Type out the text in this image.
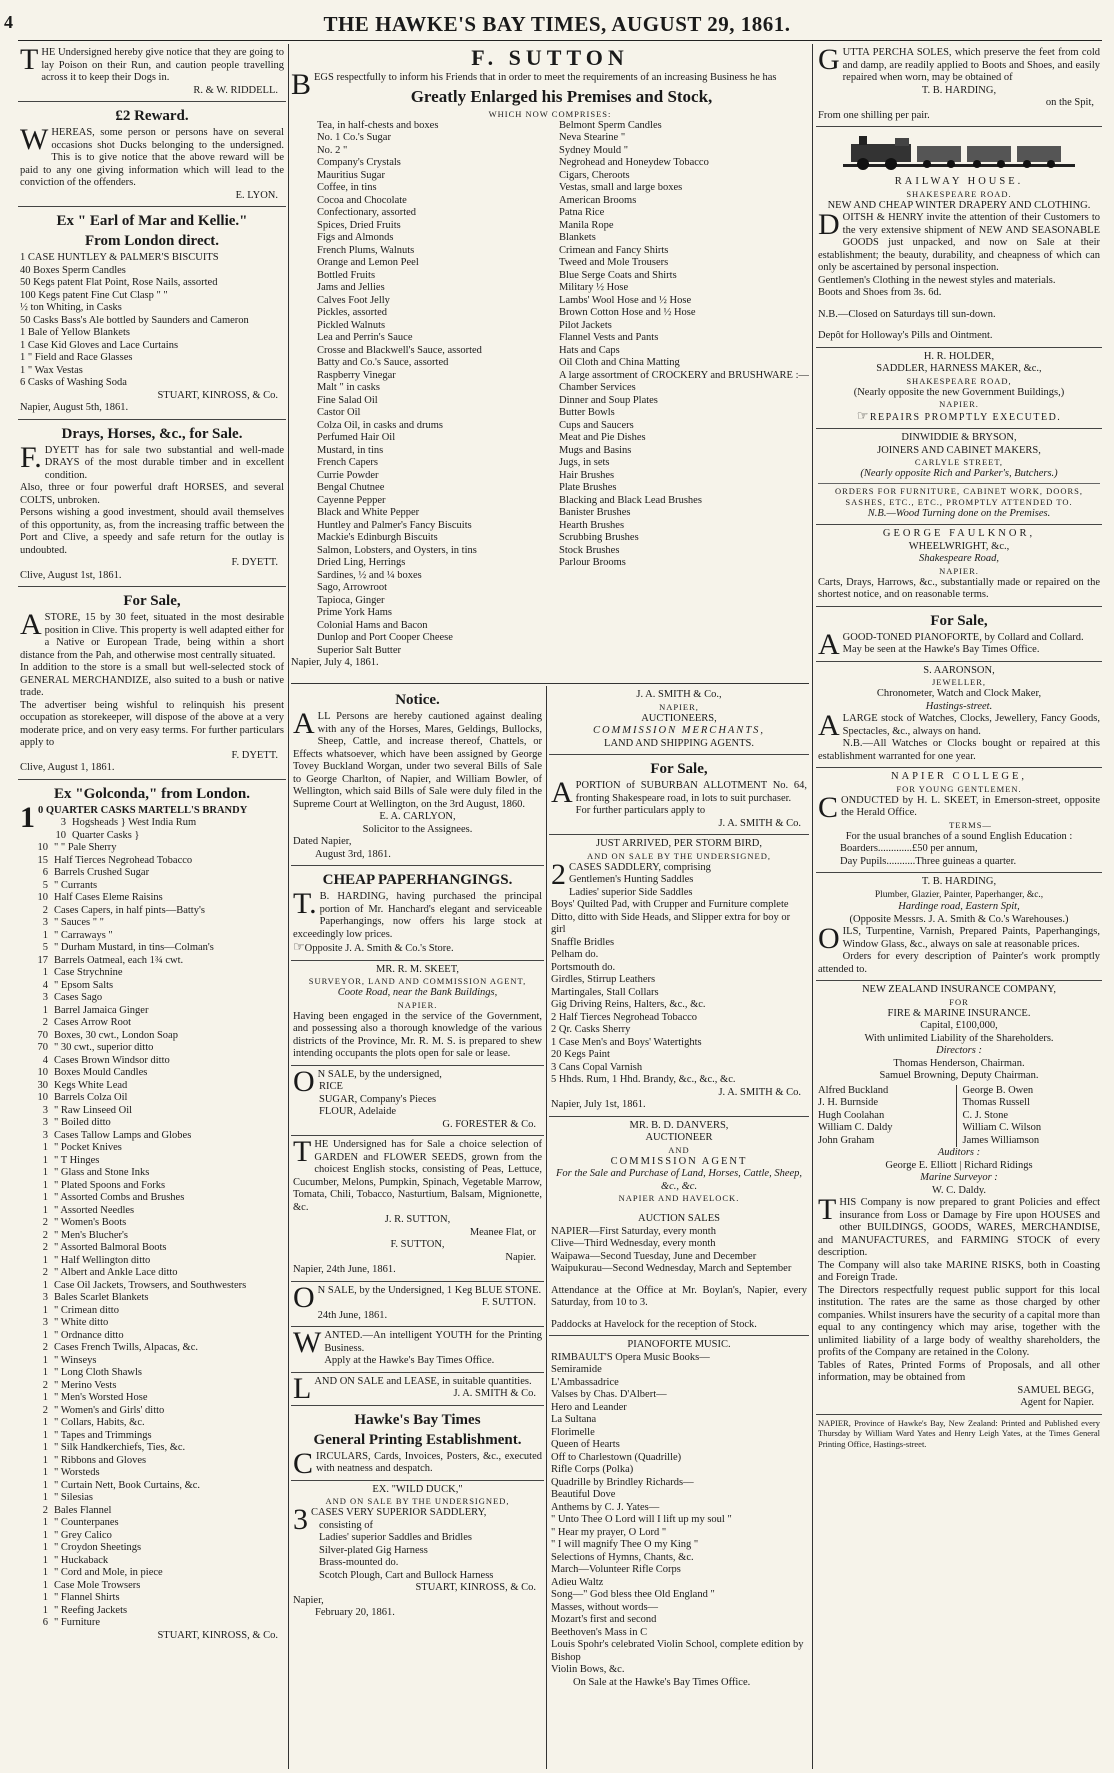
4	THE HAWKE'S BAY TIMES, AUGUST 29, 1861.

THE Undersigned hereby give notice that they are going to lay Poison on their Run, and caution people travelling across it to keep their Dogs in.

R. & W. RIDDELL.
£2 Reward.

WHEREAS, some person or persons have on several occasions shot Ducks belonging to the undersigned. This is to give notice that the above reward will be paid to any one giving information which will lead to the conviction of the offenders.

E. LYON.
Ex " Earl of Mar and Kellie."
From London direct.
1 CASE HUNTLEY & PALMER'S BISCUITS
40 Boxes Sperm Candles
50 Kegs patent Flat Point, Rose Nails, assorted
100 Kegs patent Fine Cut Clasp " "
½ ton Whiting, in Casks
50 Casks Bass's Ale bottled by Saunders and Cameron
1 Bale of Yellow Blankets
1 Case Kid Gloves and Lace Curtains
1 " Field and Race Glasses
1 " Wax Vestas
6 Casks of Washing Soda
STUART, KINROSS, & Co.
Napier, August 5th, 1861.
Drays, Horses, &c., for Sale.

F.DYETT has for sale two substantial and well-made DRAYS of the most durable timber and in excellent condition.

Also, three or four powerful draft HORSES, and several COLTS, unbroken.

Persons wishing a good investment, should avail themselves of this opportunity, as, from the increasing traffic between the Port and Clive, a speedy and safe return for the outlay is undoubted.

F. DYETT.
Clive, August 1st, 1861.
For Sale,

ASTORE, 15 by 30 feet, situated in the most desirable position in Clive. This property is well adapted either for a Native or European Trade, being within a short distance from the Pah, and otherwise most centrally situated.

In addition to the store is a small but well-selected stock of GENERAL MERCHANDIZE, also suited to a bush or native trade.

The advertiser being wishful to relinquish his present occupation as storekeeper, will dispose of the above at a very moderate price, and on very easy terms. For further particulars apply to

F. DYETT.
Clive, August 1, 1861.
Ex "Golconda," from London.
10 QUARTER CASKS MARTELL'S BRANDY
3 Hogsheads } West India Rum
10 Quarter Casks }
10 " " Pale Sherry
15 Half Tierces Negrohead Tobacco
6 Barrels Crushed Sugar
5 " Currants
10 Half Cases Eleme Raisins
2 Cases Capers, in half pints—Batty's
3 " Sauces " "
1 " Carraways "
5 " Durham Mustard, in tins—Colman's
17 Barrels Oatmeal, each 1¾ cwt.
1 Case Strychnine
4 " Epsom Salts
3 Cases Sago
1 Barrel Jamaica Ginger
2 Cases Arrow Root
70 Boxes, 30 cwt., London Soap
70 " 30 cwt., superior ditto
4 Cases Brown Windsor ditto
10 Boxes Mould Candles
30 Kegs White Lead
10 Barrels Colza Oil
3 " Raw Linseed Oil
3 " Boiled ditto
3 Cases Tallow Lamps and Globes
1 " Pocket Knives
1 " T Hinges
1 " Glass and Stone Inks
1 " Plated Spoons and Forks
1 " Assorted Combs and Brushes
1 " Assorted Needles
2 " Women's Boots
2 " Men's Blucher's
2 " Assorted Balmoral Boots
1 " Half Wellington ditto
2 " Albert and Ankle Lace ditto
1 Case Oil Jackets, Trowsers, and Southwesters
3 Bales Scarlet Blankets
1 " Crimean ditto
3 " White ditto
1 " Ordnance ditto
2 Cases French Twills, Alpacas, &c.
1 " Winseys
1 " Long Cloth Shawls
2 " Merino Vests
1 " Men's Worsted Hose
2 " Women's and Girls' ditto
1 " Collars, Habits, &c.
1 " Tapes and Trimmings
1 " Silk Handkerchiefs, Ties, &c.
1 " Ribbons and Gloves
1 " Worsteds
1 " Curtain Nett, Book Curtains, &c.
1 " Silesias
2 Bales Flannel
1 " Counterpanes
1 " Grey Calico
1 " Croydon Sheetings
1 " Huckaback
1 " Cord and Mole, in piece
1 Case Mole Trowsers
1 " Flannel Shirts
1 " Reefing Jackets
6 " Furniture
STUART, KINROSS, & Co.
F. SUTTON

BEGS respectfully to inform his Friends that in order to meet the requirements of an increasing Business he has

Greatly Enlarged his Premises and Stock,
WHICH NOW COMPRISES:
Tea, in half-chests and boxes
No. 1 Co.'s Sugar
No. 2 "
Company's Crystals
Mauritius Sugar
Coffee, in tins
Cocoa and Chocolate
Confectionary, assorted
Spices, Dried Fruits
Figs and Almonds
French Plums, Walnuts
Orange and Lemon Peel
Bottled Fruits
Jams and Jellies
Calves Foot Jelly
Pickles, assorted
Pickled Walnuts
Lea and Perrin's Sauce
Crosse and Blackwell's Sauce, assorted
Batty and Co.'s Sauce, assorted
Raspberry Vinegar
Malt " in casks
Fine Salad Oil
Castor Oil
Colza Oil, in casks and drums
Perfumed Hair Oil
Mustard, in tins
French Capers
Currie Powder
Bengal Chutnee
Cayenne Pepper
Black and White Pepper
Huntley and Palmer's Fancy Biscuits
Mackie's Edinburgh Biscuits
Salmon, Lobsters, and Oysters, in tins
Dried Ling, Herrings
Sardines, ½ and ¼ boxes
Sago, Arrowroot
Tapioca, Ginger
Prime York Hams
Colonial Hams and Bacon
Dunlop and Port Cooper Cheese
Superior Salt Butter
Belmont Sperm Candles
Neva Stearine "
Sydney Mould "
Negrohead and Honeydew Tobacco
Cigars, Cheroots
Vestas, small and large boxes
American Brooms
Patna Rice
Manila Rope
Blankets
Crimean and Fancy Shirts
Tweed and Mole Trousers
Blue Serge Coats and Shirts
Military ½ Hose
Lambs' Wool Hose and ½ Hose
Brown Cotton Hose and ½ Hose
Pilot Jackets
Flannel Vests and Pants
Hats and Caps
Oil Cloth and China Matting
A large assortment of CROCKERY and BRUSHWARE :—
Chamber Services
Dinner and Soup Plates
Butter Bowls
Cups and Saucers
Meat and Pie Dishes
Mugs and Basins
Jugs, in sets
Hair Brushes
Plate Brushes
Blacking and Black Lead Brushes
Banister Brushes
Hearth Brushes
Scrubbing Brushes
Stock Brushes
Parlour Brooms
Napier, July 4, 1861.
Notice.

ALL Persons are hereby cautioned against dealing with any of the Horses, Mares, Geldings, Bullocks, Sheep, Cattle, and increase thereof, Chattels, or Effects whatsoever, which have been assigned by George Tovey Buckland Worgan, under two several Bills of Sale to George Charlton, of Napier, and William Bowler, of Wellington, which said Bills of Sale were duly filed in the Supreme Court at Wellington, on the 3rd August, 1860.

E. A. CARLYON,
Solicitor to the Assignees.
Dated Napier,
August 3rd, 1861.
CHEAP PAPERHANGINGS.

T.B. HARDING, having purchased the principal portion of Mr. Hanchard's elegant and serviceable Paperhangings, now offers his large stock at exceedingly low prices.

☞ Opposite J. A. Smith & Co.'s Store.
MR. R. M. SKEET,
SURVEYOR, LAND AND COMMISSION AGENT,
Coote Road, near the Bank Buildings,
NAPIER.

Having been engaged in the service of the Government, and possessing also a thorough knowledge of the various districts of the Province, Mr. R. M. S. is prepared to shew intending occupants the plots open for sale or lease.

ON SALE, by the undersigned,
RICE
SUGAR, Company's Pieces
FLOUR, Adelaide
G. FORESTER & Co.

THE Undersigned has for Sale a choice selection of GARDEN and FLOWER SEEDS, grown from the choicest English stocks, consisting of Peas, Lettuce, Cucumber, Melons, Pumpkin, Spinach, Vegetable Marrow, Tomata, Chili, Tobacco, Nasturtium, Balsam, Mignionette, &c.

J. R. SUTTON,
Meanee Flat, or
F. SUTTON,
Napier.
Napier, 24th June, 1861.

ON SALE, by the Undersigned, 1 Keg BLUE STONE.

F. SUTTON.
24th June, 1861.

WANTED.—An intelligent YOUTH for the Printing Business.

Apply at the Hawke's Bay Times Office.

LAND ON SALE and LEASE, in suitable quantities.

J. A. SMITH & Co.
Hawke's Bay Times
General Printing Establishment.

CIRCULARS, Cards, Invoices, Posters, &c., executed with neatness and despatch.

EX. "WILD DUCK,"
AND ON SALE BY THE UNDERSIGNED,
3CASES VERY SUPERIOR SADDLERY,
consisting of
Ladies' superior Saddles and Bridles
Silver-plated Gig Harness
Brass-mounted do.
Scotch Plough, Cart and Bullock Harness
STUART, KINROSS, & Co.
Napier,
February 20, 1861.
J. A. SMITH & Co.,
NAPIER,
AUCTIONEERS,
COMMISSION MERCHANTS,
LAND AND SHIPPING AGENTS.
For Sale,

APORTION of SUBURBAN ALLOTMENT No. 64, fronting Shakespeare road, in lots to suit purchaser.

For further particulars apply to
J. A. SMITH & Co.
JUST ARRIVED, PER STORM BIRD,
AND ON SALE BY THE UNDERSIGNED,
2CASES SADDLERY, comprising
Gentlemen's Hunting Saddles
Ladies' superior Side Saddles
Boys' Quilted Pad, with Crupper and Furniture complete
Ditto, ditto with Side Heads, and Slipper extra for boy or girl
Snaffle Bridles
Pelham do.
Portsmouth do.
Girdles, Stirrup Leathers
Martingales, Stall Collars
Gig Driving Reins, Halters, &c., &c.
2 Half Tierces Negrohead Tobacco
2 Qr. Casks Sherry
1 Case Men's and Boys' Watertights
20 Kegs Paint
3 Cans Copal Varnish
5 Hhds. Rum, 1 Hhd. Brandy, &c., &c., &c.
J. A. SMITH & Co.
Napier, July 1st, 1861.
MR. B. D. DANVERS,
AUCTIONEER
AND
COMMISSION AGENT
For the Sale and Purchase of Land, Horses, Cattle, Sheep, &c., &c.
NAPIER AND HAVELOCK.
AUCTION SALES
NAPIER—First Saturday, every month
Clive—Third Wednesday, every month
Waipawa—Second Tuesday, June and December
Waipukurau—Second Wednesday, March and September

Attendance at the Office at Mr. Boylan's, Napier, every Saturday, from 10 to 3.

Paddocks at Havelock for the reception of Stock.

PIANOFORTE MUSIC.
RIMBAULT'S Opera Music Books—
Semiramide
L'Ambassadrice
Valses by Chas. D'Albert—
Hero and Leander
La Sultana
Florimelle
Queen of Hearts
Off to Charlestown (Quadrille)
Rifle Corps (Polka)
Quadrille by Brindley Richards—
Beautiful Dove
Anthems by C. J. Yates—
" Unto Thee O Lord will I lift up my soul "
" Hear my prayer, O Lord "
" I will magnify Thee O my King "
Selections of Hymns, Chants, &c.
March—Volunteer Rifle Corps
Adieu Waltz
Song—" God bless thee Old England "
Masses, without words—
Mozart's first and second
Beethoven's Mass in C
Louis Spohr's celebrated Violin School, complete edition by Bishop
Violin Bows, &c.
On Sale at the Hawke's Bay Times Office.

GUTTA PERCHA SOLES, which preserve the feet from cold and damp, are readily applied to Boots and Shoes, and easily repaired when worn, may be obtained of

T. B. HARDING,
on the Spit,
From one shilling per pair.
RAILWAY HOUSE.
SHAKESPEARE ROAD.
NEW AND CHEAP WINTER DRAPERY AND CLOTHING.

DOITSH & HENRY invite the attention of their Customers to the very extensive shipment of NEW AND SEASONABLE GOODS just unpacked, and now on Sale at their establishment; the beauty, durability, and cheapness of which can only be ascertained by personal inspection.

Gentlemen's Clothing in the newest styles and materials.

Boots and Shoes from 3s. 6d.

N.B.—Closed on Saturdays till sun-down.
Depôt for Holloway's Pills and Ointment.
H. R. HOLDER,
SADDLER, HARNESS MAKER, &c.,
SHAKESPEARE ROAD,
(Nearly opposite the new Government Buildings,)
NAPIER.
☞ REPAIRS PROMPTLY EXECUTED.
DINWIDDIE & BRYSON,
JOINERS AND CABINET MAKERS,
CARLYLE STREET,
(Nearly opposite Rich and Parker's, Butchers.)
ORDERS FOR FURNITURE, CABINET WORK, DOORS, SASHES, ETC., ETC., PROMPTLY ATTENDED TO.
N.B.—Wood Turning done on the Premises.
GEORGE FAULKNOR,
WHEELWRIGHT, &c.,
Shakespeare Road,
NAPIER.

Carts, Drays, Harrows, &c., substantially made or repaired on the shortest notice, and on reasonable terms.

For Sale,

AGOOD-TONED PIANOFORTE, by Collard and Collard.

May be seen at the Hawke's Bay Times Office.
S. AARONSON,
JEWELLER,
Chronometer, Watch and Clock Maker,
Hastings-street.

ALARGE stock of Watches, Clocks, Jewellery, Fancy Goods, Spectacles, &c., always on hand.

N.B.—All Watches or Clocks bought or repaired at this establishment warranted for one year.

NAPIER COLLEGE,
FOR YOUNG GENTLEMEN.

CONDUCTED by H. L. SKEET, in Emerson-street, opposite the Herald Office.

TERMS—
For the usual branches of a sound English Education :
Boarders.............£50 per annum,
Day Pupils...........Three guineas a quarter.
T. B. HARDING,
Plumber, Glazier, Painter, Paperhanger, &c.,
Hardinge road, Eastern Spit,
(Opposite Messrs. J. A. Smith & Co.'s Warehouses.)

OILS, Turpentine, Varnish, Prepared Paints, Paperhangings, Window Glass, &c., always on sale at reasonable prices.

Orders for every description of Painter's work promptly attended to.

NEW ZEALAND INSURANCE COMPANY,
FOR
FIRE & MARINE INSURANCE.
Capital, £100,000,
With unlimited Liability of the Shareholders.
Directors :
Thomas Henderson, Chairman.
Samuel Browning, Deputy Chairman.
Alfred Buckland
J. H. Burnside
Hugh Coolahan
William C. Daldy
John Graham
George B. Owen
Thomas Russell
C. J. Stone
William C. Wilson
James Williamson
Auditors :
George E. Elliott | Richard Ridings
Marine Surveyor :
W. C. Daldy.

THIS Company is now prepared to grant Policies and effect insurance from Loss or Damage by Fire upon HOUSES and other BUILDINGS, GOODS, WARES, MERCHANDISE, and MANUFACTURES, and FARMING STOCK of every description.

The Company will also take MARINE RISKS, both in Coasting and Foreign Trade.

The Directors respectfully request public support for this local institution. The rates are the same as those charged by other companies. Whilst insurers have the security of a capital more than equal to any contingency which may arise, together with the unlimited liability of a large body of wealthy shareholders, the profits of the Company are retained in the Colony.

Tables of Rates, Printed Forms of Proposals, and all other information, may be obtained from

SAMUEL BEGG,
Agent for Napier.
NAPIER, Province of Hawke's Bay, New Zealand: Printed and Published every Thursday by William Ward Yates and Henry Leigh Yates, at the Times General Printing Office, Hastings-street.
